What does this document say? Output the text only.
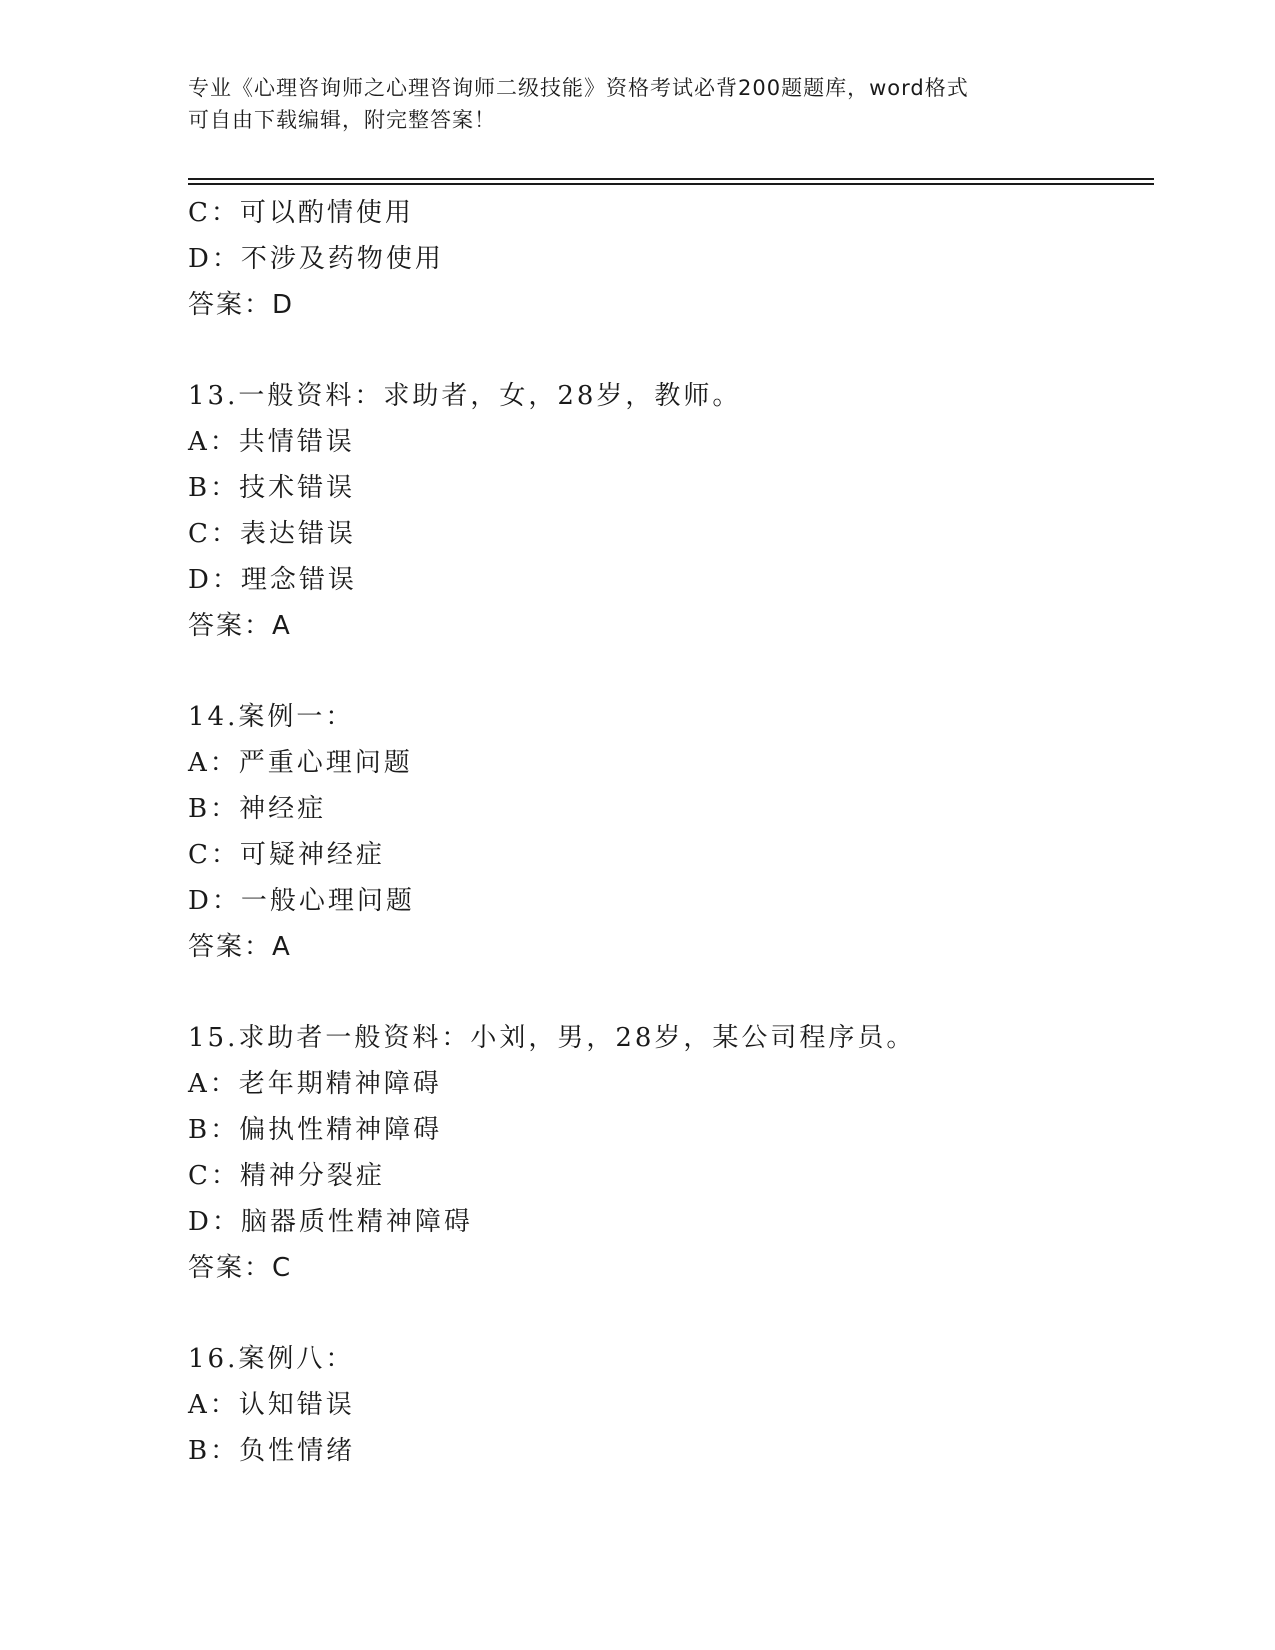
专业《心理咨询师之心理咨询师二级技能》资格考试必背200题题库，word格式
可自由下载编辑，附完整答案！
C：可以酌情使用
D：不涉及药物使用
答案：D
13.一般资料：求助者，女，28岁，教师。
A：共情错误
B：技术错误
C：表达错误
D：理念错误
答案：A
14.案例一：
A：严重心理问题
B：神经症
C：可疑神经症
D：一般心理问题
答案：A
15.求助者一般资料：小刘，男，28岁，某公司程序员。
A：老年期精神障碍
B：偏执性精神障碍
C：精神分裂症
D：脑器质性精神障碍
答案：C
16.案例八：
A：认知错误
B：负性情绪
